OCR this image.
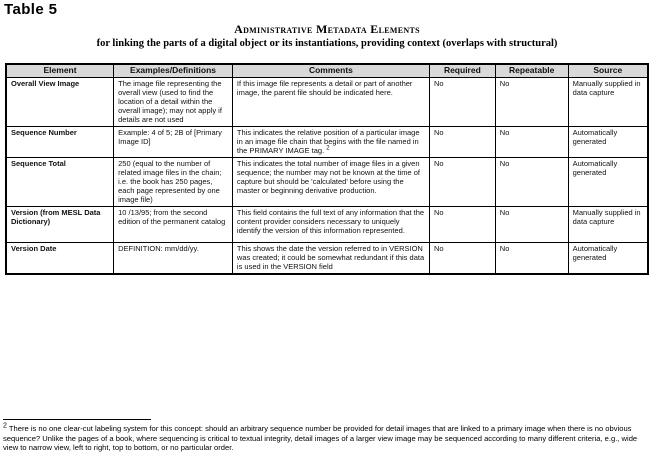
Table 5
Administrative Metadata Elements
for linking the parts of a digital object or its instantiations, providing context (overlaps with structural)
Element	Examples/Definitions	Comments	Required	Repeatable	Source
Overall View Image	The image file representing the overall view (used to find the location of a detail within the overall image); may not apply if details are not used	If this image file represents a detail or part of another image, the parent file should be indicated here.	No	No	Manually supplied in data capture
Sequence Number	Example: 4 of 5; 2B of [Primary Image ID]	This indicates the relative position of a particular image in an image file chain that begins with the file named in the PRIMARY IMAGE tag. $^2$	No	No	Automatically generated
Sequence Total	250 (equal to the number of related image files in the chain; i.e. the book has 250 pages, each page represented by one image file)	This indicates the total number of image files in a given sequence; the number may not be known at the time of capture but should be 'calculated' before using the master or beginning derivative production.	No	No	Automatically generated
Version (from MESL Data Dictionary)	10 /13/95; from the second edition of the permanent catalog	This field contains the full text of any information that the content provider considers necessary to uniquely identify the version of this information represented.	No	No	Manually supplied in data capture
Version Date	DEFINITION: mm/dd/yy.	This shows the date the version referred to in VERSION was created; it could be somewhat redundant if this data is used in the VERSION field	No	No	Automatically generated
$^2$ There is no one clear-cut labeling system for this concept: should an arbitrary sequence number be provided for detail images that are linked to a primary image when there is no obvious sequence? Unlike the pages of a book, where sequencing is critical to textual integrity, detail images of a larger view image may be sequenced according to many different criteria, e.g., wide view to narrow view, left to right, top to bottom, or no particular order.
